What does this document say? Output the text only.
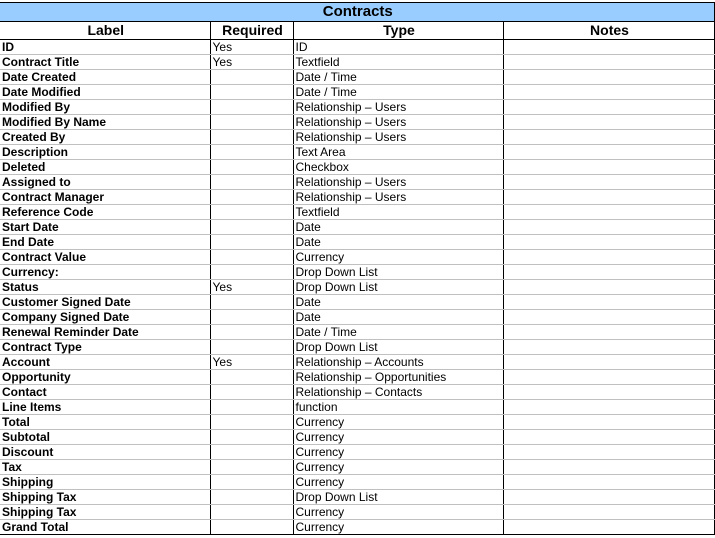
Contracts			
Label	Required	Type	Notes
ID	Yes	ID	
Contract Title	Yes	Textfield	
Date Created		Date / Time	
Date Modified		Date / Time	
Modified By		Relationship – Users	
Modified By Name		Relationship – Users	
Created By		Relationship – Users	
Description		Text Area	
Deleted		Checkbox	
Assigned to		Relationship – Users	
Contract Manager		Relationship – Users	
Reference Code		Textfield	
Start Date		Date	
End Date		Date	
Contract Value		Currency	
Currency:		Drop Down List	
Status	Yes	Drop Down List	
Customer Signed Date		Date	
Company Signed Date		Date	
Renewal Reminder Date		Date / Time	
Contract Type		Drop Down List	
Account	Yes	Relationship – Accounts	
Opportunity		Relationship – Opportunities	
Contact		Relationship – Contacts	
Line Items		function	
Total		Currency	
Subtotal		Currency	
Discount		Currency	
Tax		Currency	
Shipping		Currency	
Shipping Tax		Drop Down List	
Shipping Tax		Currency	
Grand Total		Currency	
